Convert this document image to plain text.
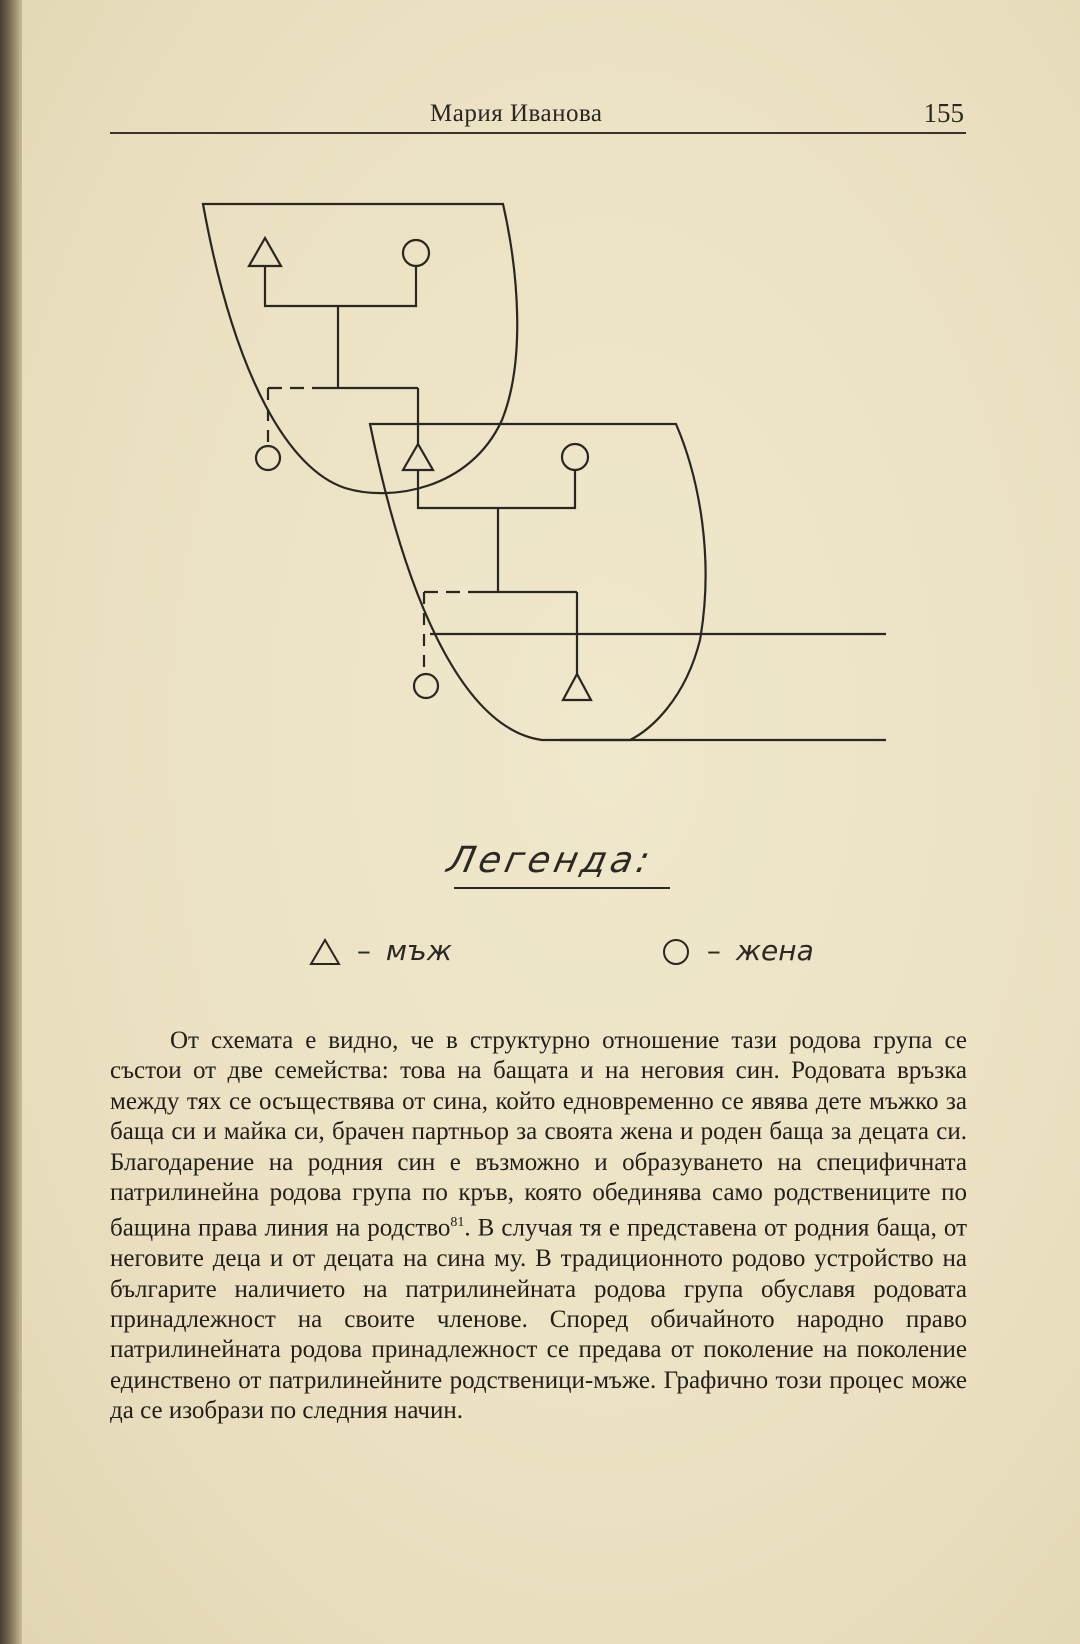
Мария Иванова	155
Легенда:
– мъж	– жена

От схемата е видно, че в структурно отношение тази родова група се състои от две семейства: това на бащата и на неговия син. Родовата връзка между тях се осъществява от сина, който едновременно се явява дете мъжко за баща си и майка си, брачен партньор за своята жена и роден баща за децата си. Благодарение на родния син е възможно и образуването на специфичната патрилинейна родова група по кръв, която обединява само родствениците по бащина права линия на родство$^{81}$. В случая тя е представена от родния баща, от неговите деца и от децата на сина му. В традиционното родово устройство на българите наличието на патрилинейната родова група обуславя родовата принадлежност на своите членове. Според обичайното народно право патрилинейната родова принадлежност се предава от поколение на поколение единствено от патрилинейните родственици-мъже. Графично този процес може да се изобрази по следния начин.
